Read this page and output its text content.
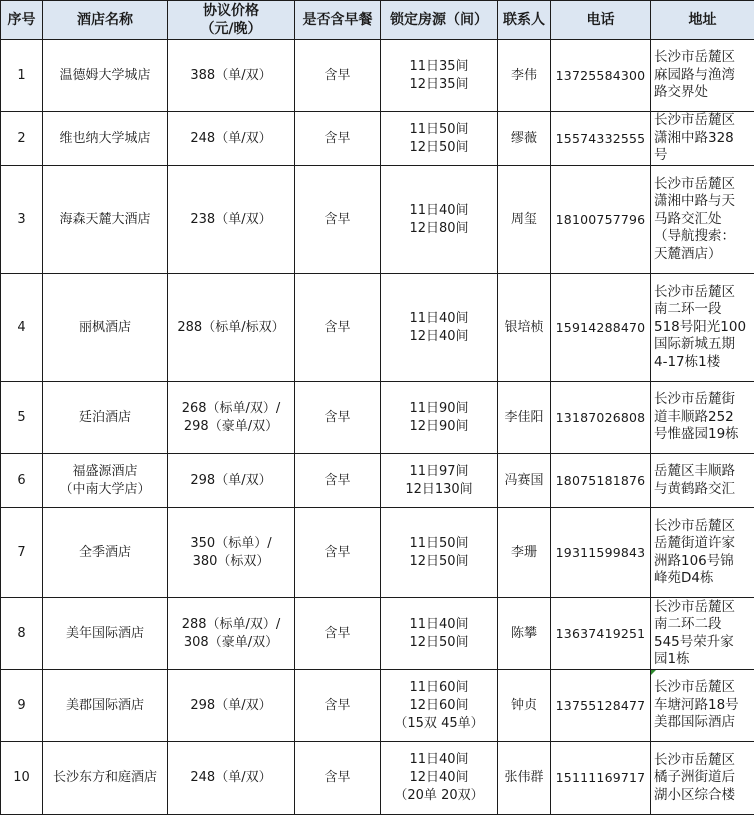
序号	酒店名称	协议价格
（元/晚）	是否含早餐	锁定房源（间）	联系人	电话	地址
1	温德姆大学城店	388（单/双）	含早	11日35间
12日35间	李伟	13725584300	长沙市岳麓区
麻园路与渔湾
路交界处

2	维也纳大学城店	248（单/双）	含早	11日50间
12日50间	缪薇	15574332555	长沙市岳麓区
潇湘中路328
号

3	海森天麓大酒店	238（单/双）	含早	11日40间
12日80间	周玺	18100757796	长沙市岳麓区
潇湘中路与天
马路交汇处
（导航搜索：
天麓酒店）

4	丽枫酒店	288（标单/标双）	含早	11日40间
12日40间	银培桢	15914288470	长沙市岳麓区
南二环一段
518号阳光100
国际新城五期
4-17栋1楼

5	廷泊酒店	268（标单/双）/
298（豪单/双）	含早	11日90间
12日90间	李佳阳	13187026808	长沙市岳麓街
道丰顺路252
号惟盛园19栋

6	福盛源酒店
（中南大学店）	298（单/双）	含早	11日97间
12日130间	冯赛国	18075181876	岳麓区丰顺路
与黄鹤路交汇

7	全季酒店	350（标单）/
380（标双）	含早	11日50间
12日50间	李珊	19311599843	长沙市岳麓区
岳麓街道许家
洲路106号锦
峰苑D4栋

8	美年国际酒店	288（标单/双）/
308（豪单/双）	含早	11日40间
12日50间	陈攀	13637419251	长沙市岳麓区
南二环二段
545号荣升家
园1栋

9	美郡国际酒店	298（单/双）	含早	11日60间
12日60间
（15双 45单）	钟贞	13755128477	长沙市岳麓区
车塘河路18号
美郡国际酒店

10	长沙东方和庭酒店	248（单/双）	含早	11日40间
12日40间
（20单 20双）	张伟群	15111169717	长沙市岳麓区
橘子洲街道后
湖小区综合楼
